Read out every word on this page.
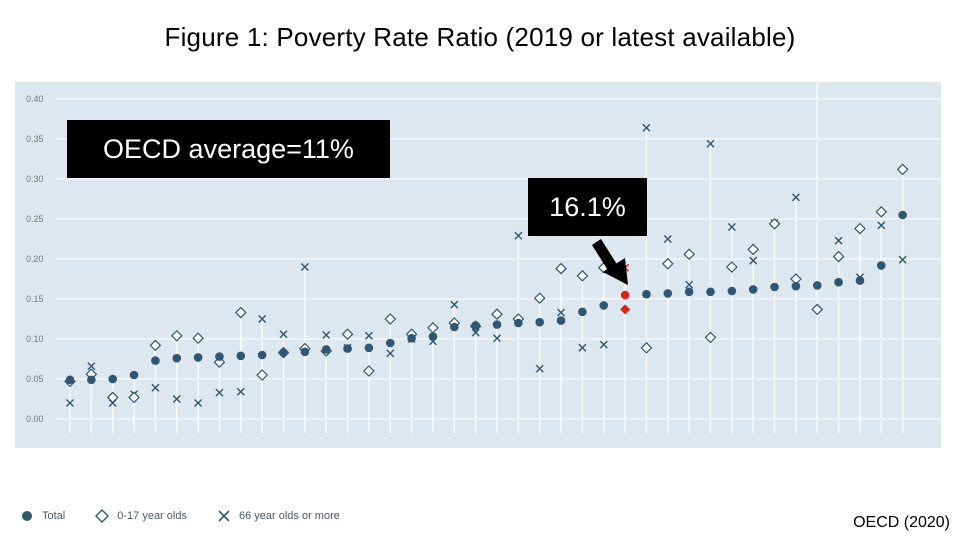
Figure 1: Poverty Rate Ratio (2019 or latest available)
0.00
0.05
0.10
0.15
0.20
0.25
0.30
0.35
0.40
OECD average=11%
16.1%
Total	0-17 year olds	66 year olds or more	OECD (2020)
